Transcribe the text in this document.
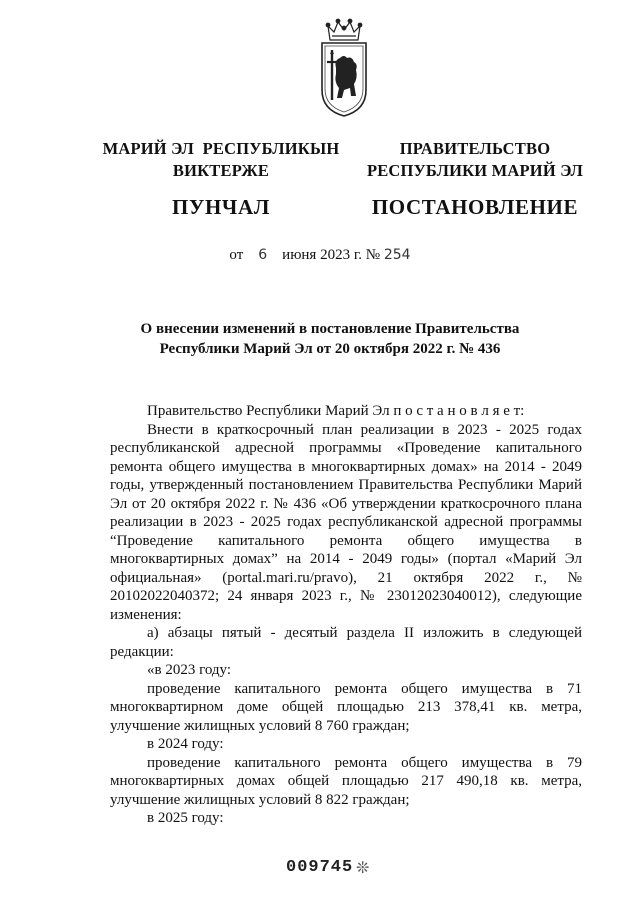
МАРИЙ ЭЛ  РЕСПУБЛИКЫН
ВИКТЕРЖЕ
ПУНЧАЛ
ПРАВИТЕЛЬСТВО
РЕСПУБЛИКИ МАРИЙ ЭЛ
ПОСТАНОВЛЕНИЕ
от 6 июня 2023 г. № 254
О внесении изменений в постановление Правительства
Республики Марий Эл от 20 октября 2022 г. № 436

Правительство Республики Марий Эл п о с т а н о в л я е т:

Внести в краткосрочный план реализации в 2023 - 2025 годах республиканской адресной программы «Проведение капитального ремонта общего имущества в многоквартирных домах» на 2014 - 2049 годы, утвержденный постановлением Правительства Республики Марий Эл от 20 октября 2022 г. № 436 «Об утверждении краткосрочного плана реализации в 2023 - 2025 годах республиканской адресной программы “Проведение капитального ремонта общего имущества в многоквартирных домах” на 2014 - 2049 годы» (портал «Марий Эл официальная» (portal.mari.ru/pravo), 21 октября 2022 г., № 20102022040372; 24 января 2023 г., № 23012023040012), следующие изменения:

а) абзацы пятый - десятый раздела II изложить в следующей редакции:

«в 2023 году:

проведение капитального ремонта общего имущества в 71 многоквартирном доме общей площадью 213 378,41 кв. метра, улучшение жилищных условий 8 760 граждан;

в 2024 году:

проведение капитального ремонта общего имущества в 79 многоквартирных домах общей площадью 217 490,18 кв. метра, улучшение жилищных условий 8 822 граждан;

в 2025 году:

009745 ❊
